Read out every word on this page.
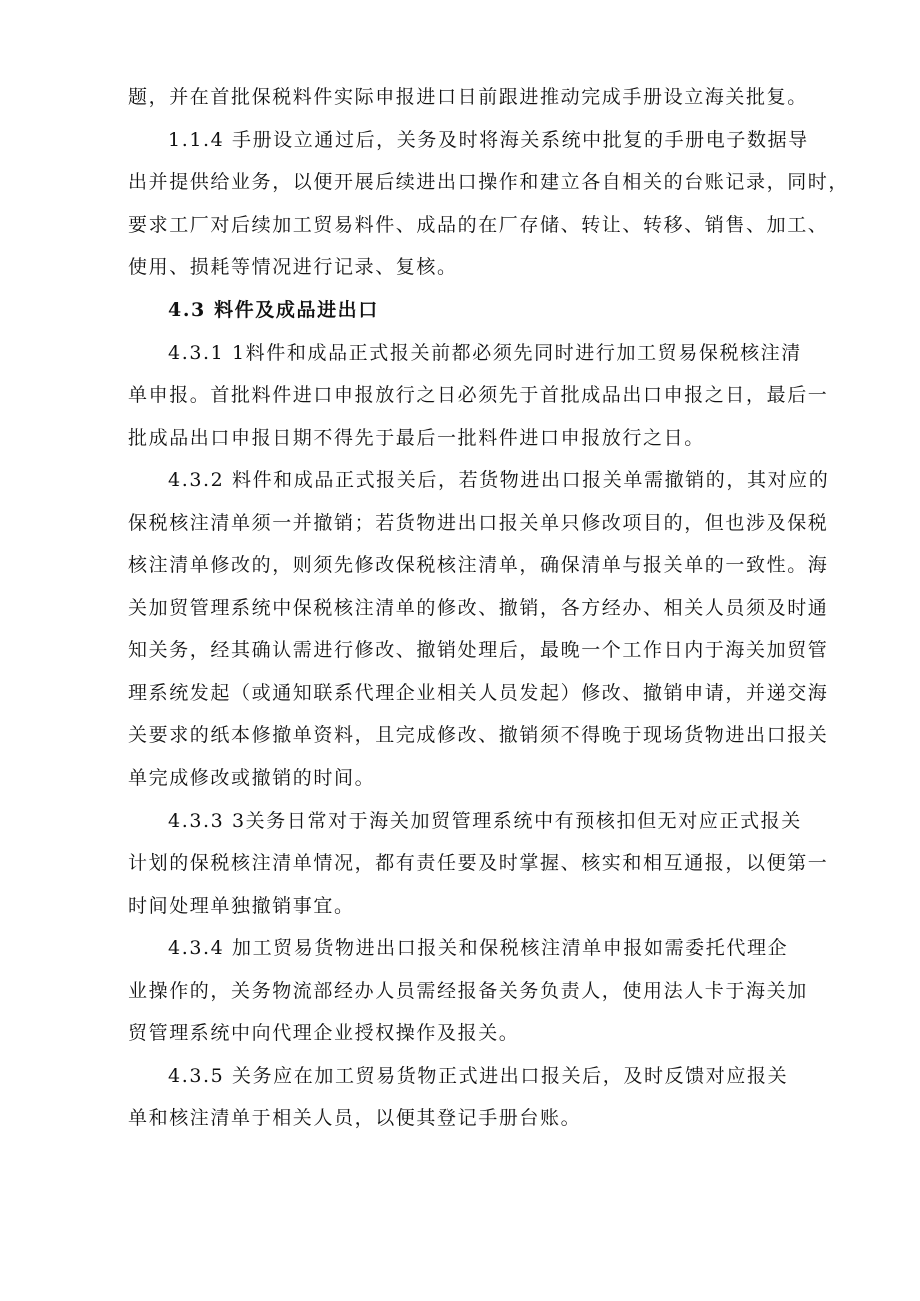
题，并在首批保税料件实际申报进口日前跟进推动完成手册设立海关批复。
1.1.4 手册设立通过后，关务及时将海关系统中批复的手册电子数据导
出并提供给业务，以便开展后续进出口操作和建立各自相关的台账记录，同时，
要求工厂对后续加工贸易料件、成品的在厂存储、转让、转移、销售、加工、
使用、损耗等情况进行记录、复核。
4.3 料件及成品进出口
4.3.1 1料件和成品正式报关前都必须先同时进行加工贸易保税核注清
单申报。首批料件进口申报放行之日必须先于首批成品出口申报之日，最后一
批成品出口申报日期不得先于最后一批料件进口申报放行之日。
4.3.2 料件和成品正式报关后，若货物进出口报关单需撤销的，其对应的
保税核注清单须一并撤销；若货物进出口报关单只修改项目的，但也涉及保税
核注清单修改的，则须先修改保税核注清单，确保清单与报关单的一致性。海
关加贸管理系统中保税核注清单的修改、撤销，各方经办、相关人员须及时通
知关务，经其确认需进行修改、撤销处理后，最晚一个工作日内于海关加贸管
理系统发起（或通知联系代理企业相关人员发起）修改、撤销申请，并递交海
关要求的纸本修撤单资料，且完成修改、撤销须不得晚于现场货物进出口报关
单完成修改或撤销的时间。
4.3.3 3关务日常对于海关加贸管理系统中有预核扣但无对应正式报关
计划的保税核注清单情况，都有责任要及时掌握、核实和相互通报，以便第一
时间处理单独撤销事宜。
4.3.4 加工贸易货物进出口报关和保税核注清单申报如需委托代理企
业操作的，关务物流部经办人员需经报备关务负责人，使用法人卡于海关加
贸管理系统中向代理企业授权操作及报关。
4.3.5 关务应在加工贸易货物正式进出口报关后，及时反馈对应报关
单和核注清单于相关人员，以便其登记手册台账。
